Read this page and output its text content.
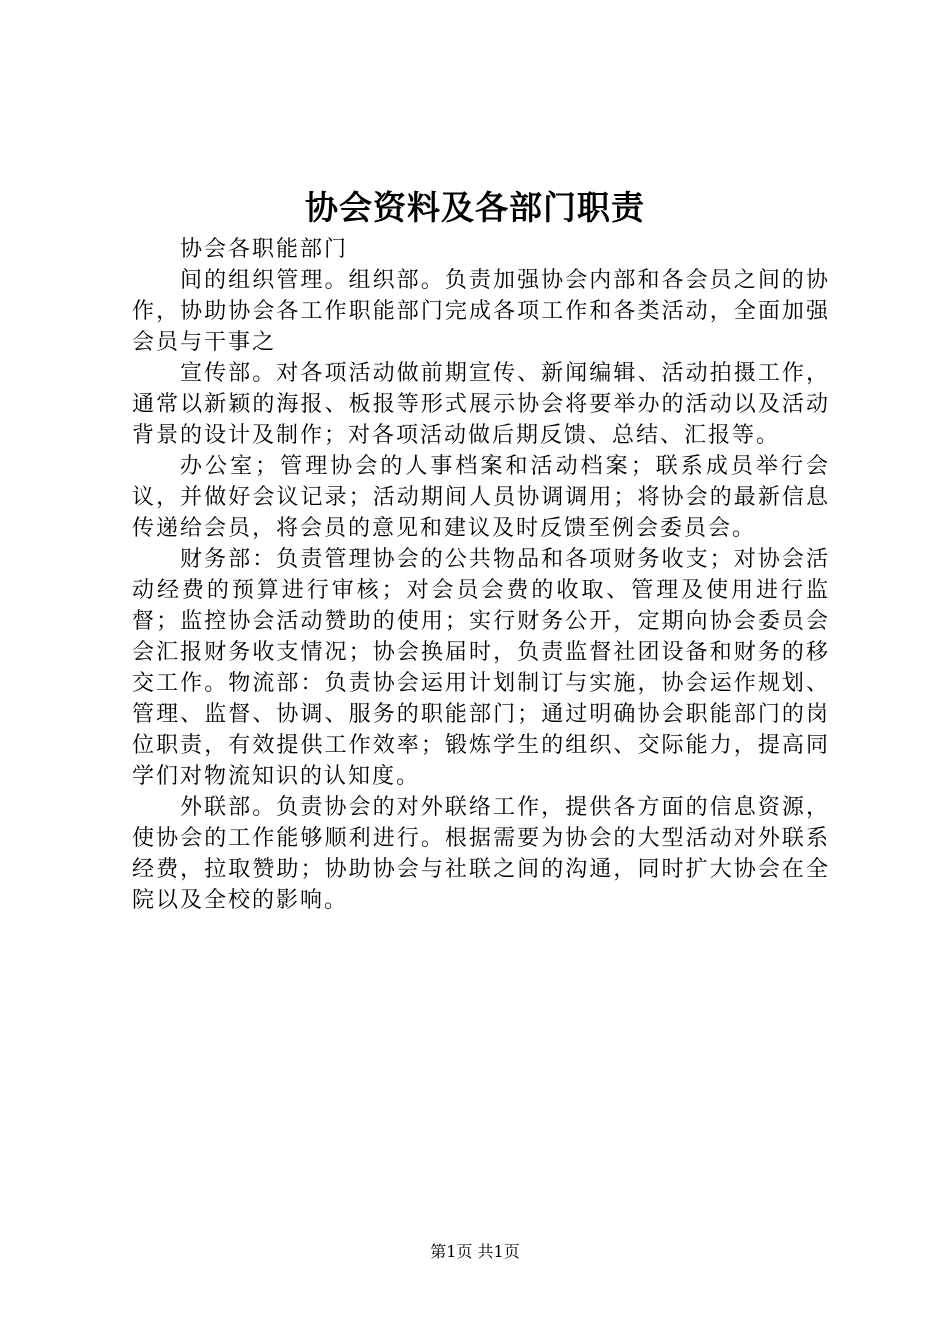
协会资料及各部门职责

协会各职能部门

间的组织管理。组织部。负责加强协会内部和各会员之间的协作，协助协会各工作职能部门完成各项工作和各类活动，全面加强会员与干事之

宣传部。对各项活动做前期宣传、新闻编辑、活动拍摄工作，通常以新颖的海报、板报等形式展示协会将要举办的活动以及活动背景的设计及制作；对各项活动做后期反馈、总结、汇报等。

办公室；管理协会的人事档案和活动档案；联系成员举行会议，并做好会议记录；活动期间人员协调调用；将协会的最新信息传递给会员，将会员的意见和建议及时反馈至例会委员会。

财务部：负责管理协会的公共物品和各项财务收支；对协会活动经费的预算进行审核；对会员会费的收取、管理及使用进行监督；监控协会活动赞助的使用；实行财务公开，定期向协会委员会会汇报财务收支情况；协会换届时，负责监督社团设备和财务的移交工作。物流部：负责协会运用计划制订与实施，协会运作规划、管理、监督、协调、服务的职能部门；通过明确协会职能部门的岗位职责，有效提供工作效率；锻炼学生的组织、交际能力，提高同学们对物流知识的认知度。

外联部。负责协会的对外联络工作，提供各方面的信息资源，使协会的工作能够顺利进行。根据需要为协会的大型活动对外联系经费，拉取赞助；协助协会与社联之间的沟通，同时扩大协会在全院以及全校的影响。

第1页 共1页
